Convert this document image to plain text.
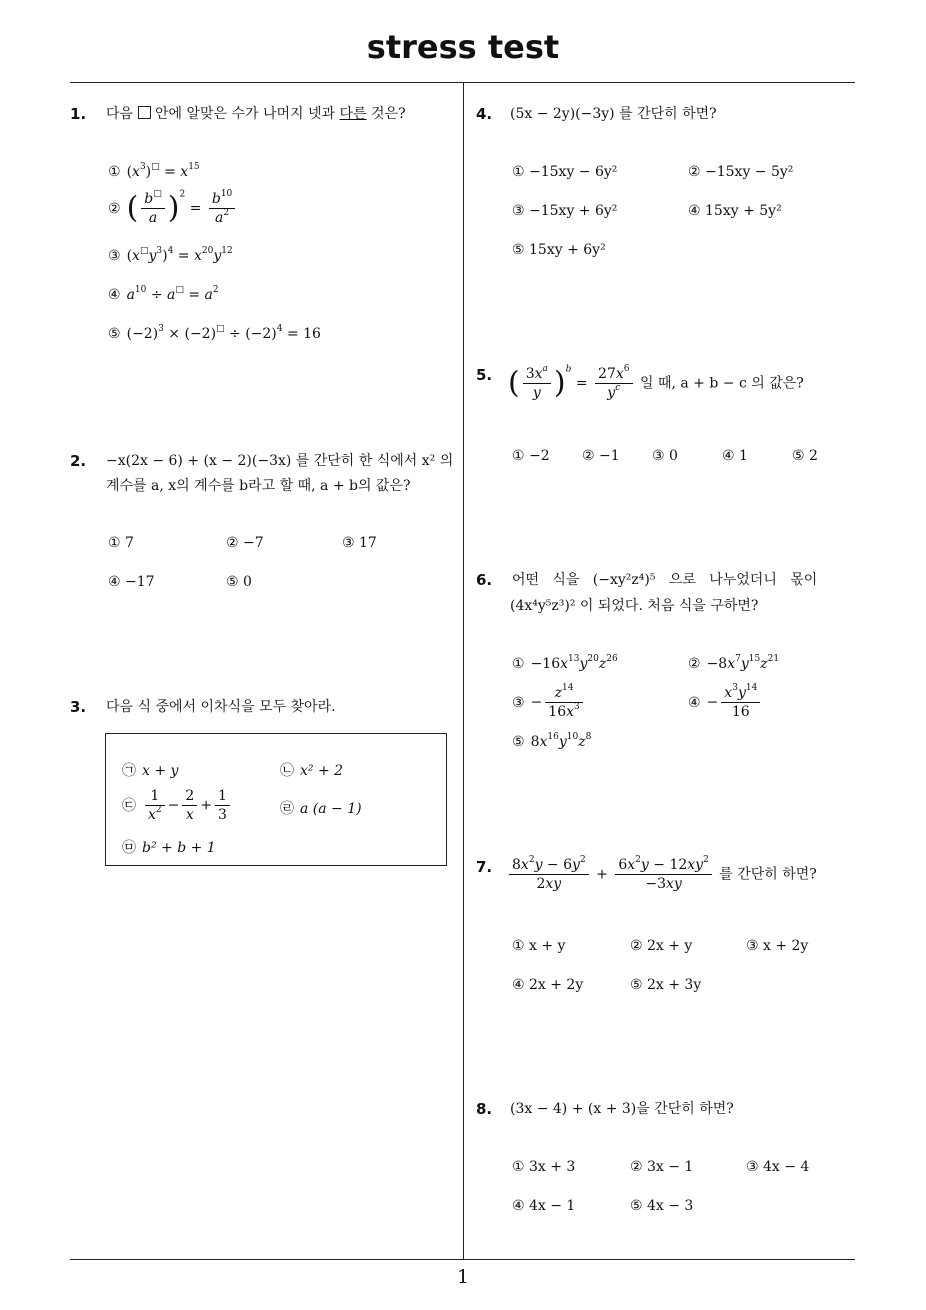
stress test
1
1. 다음 안에 알맞은 수가 나머지 넷과 다른 것은?
① $(x^3)^□ = x^{15}$
② ( $\frac{b^□}{a} )^2 = \frac{b^{10}}{a^2}$
③ $(x^□y^3)^4 = x^{20}y^{12}$
④ $a^{10} \div a^□ = a^2$
⑤ $(-2)^3 \times (-2)^□ \div (-2)^4 = 16$
2. −x(2x − 6) + (x − 2)(−3x) 를 간단히 한 식에서 x² 의
계수를 a, x의 계수를 b라고 할 때, a + b의 값은?
① 7	② −7	③ 17
④ −17	⑤ 0
3. 다음 식 중에서 이차식을 모두 찾아라.
㉠ x + y	㉡ x² + 2
㉢ $\frac{1}{x^2} - \frac{2}{x} + \frac{1}{3}$	㉣ a (a − 1)
㉤ b² + b + 1
4. (5x − 2y)(−3y) 를 간단히 하면?
① −15xy − 6y²	② −15xy − 5y²
③ −15xy + 6y²	④ 15xy + 5y²
⑤ 15xy + 6y²
5. ( $\frac{3x^a}{y} )^b = \frac{27x^6}{y^c}$ 일 때, a + b − c 의 값은?
① −2 ② −1 ③ 0	④ 1	⑤ 2
6. 어떤   식을   (−xy²z⁴)⁵   으로   나누었더니   몫이
(4x⁴y⁵z³)² 이 되었다. 처음 식을 구하면?
① $-16x^{13}y^{20}z^{26}$	② $-8x^7y^{15}z^{21}$
③ − $\frac{z^{14}}{16x^3}$	④ − $\frac{x^3y^{14}}{16}$
⑤ $8x^{16}y^{10}z^8$
7. $\frac{8x^2y - 6y^2}{2xy} + \frac{6x^2y - 12xy^2}{-3xy}$ 를 간단히 하면?
① x + y	② 2x + y	③ x + 2y
④ 2x + 2y	⑤ 2x + 3y
8. (3x − 4) + (x + 3)을 간단히 하면?
① 3x + 3	② 3x − 1	③ 4x − 4
④ 4x − 1	⑤ 4x − 3
